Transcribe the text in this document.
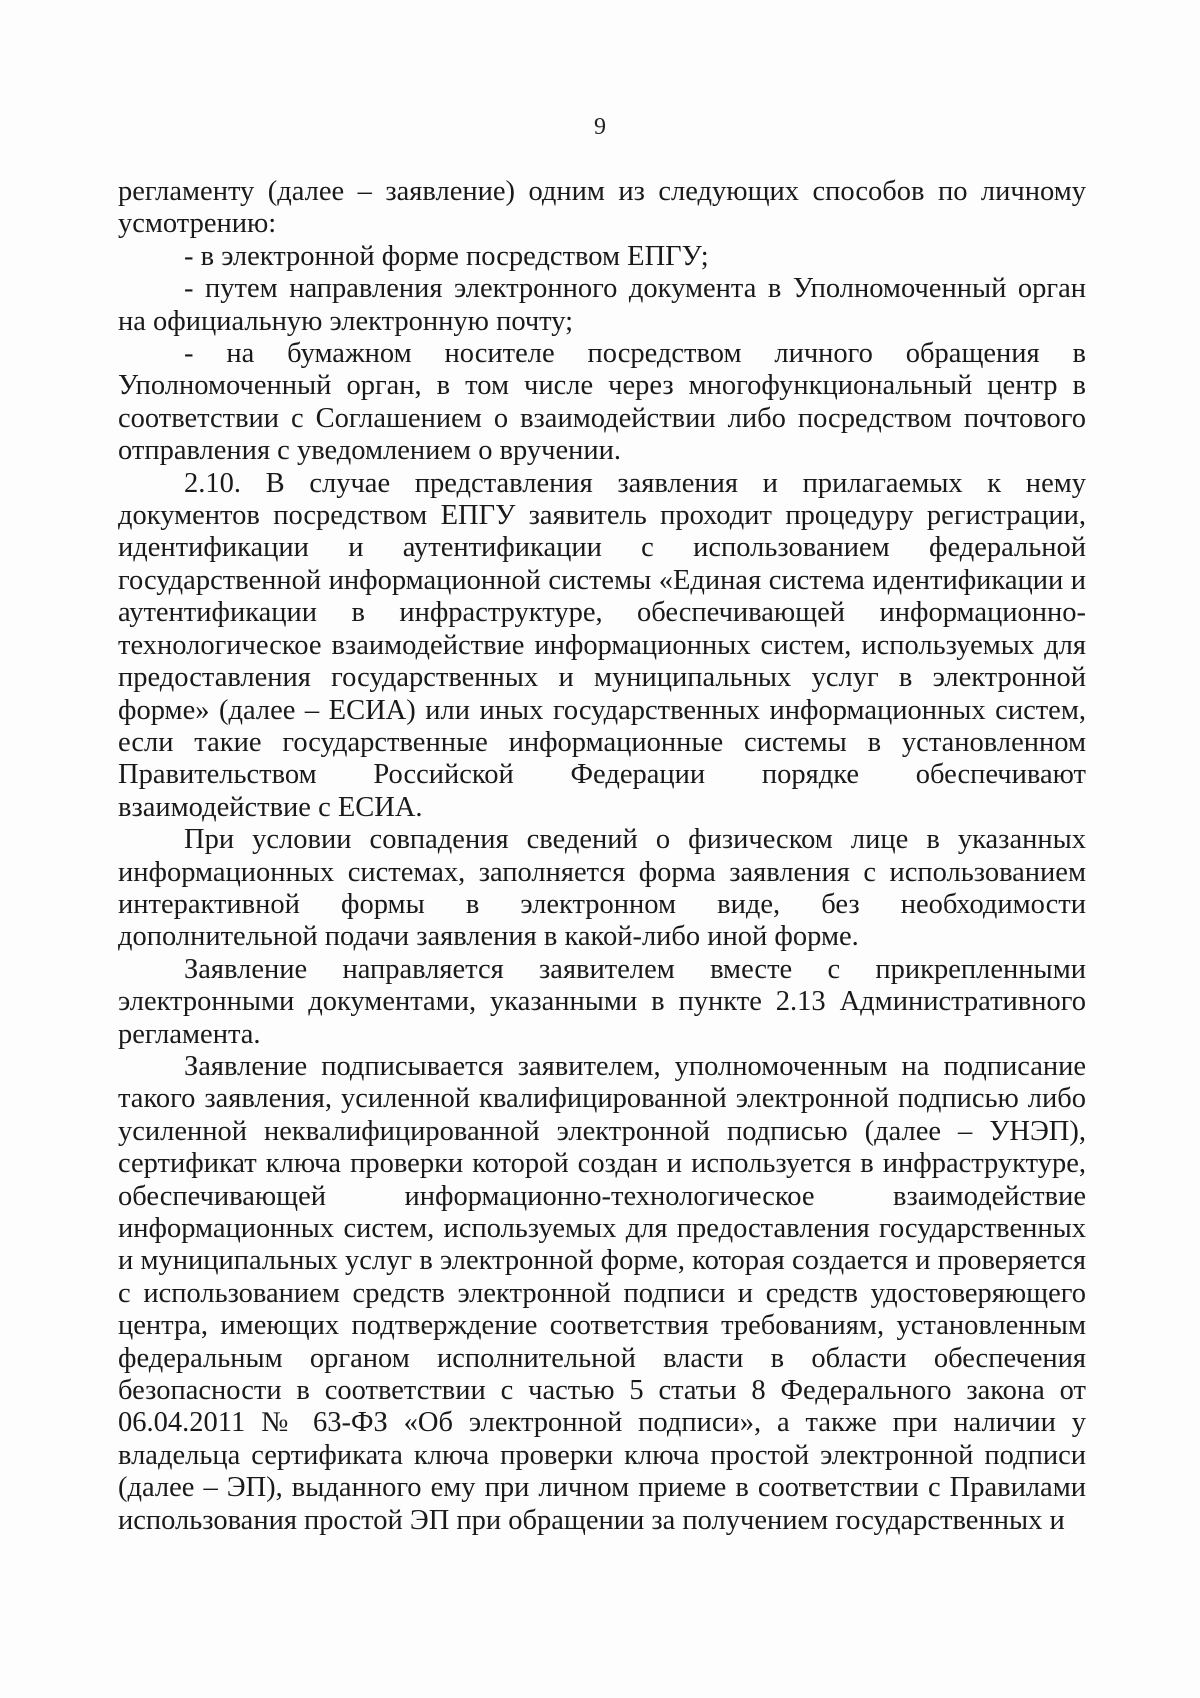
9

регламенту (далее – заявление) одним из следующих способов по личному усмотрению:

- в электронной форме посредством ЕПГУ;

- путем направления электронного документа в Уполномоченный орган на официальную электронную почту;

- на бумажном носителе посредством личного обращения в Уполномоченный орган, в том числе через многофункциональный центр в соответствии с Соглашением о взаимодействии либо посредством почтового отправления с уведомлением о вручении.

2.10. В случае представления заявления и прилагаемых к нему документов посредством ЕПГУ заявитель проходит процедуру регистрации, идентификации и аутентификации с использованием федеральной государственной информационной системы «Единая система идентификации и аутентификации в инфраструктуре, обеспечивающей информационно-технологическое взаимодействие информационных систем, используемых для предоставления государственных и муниципальных услуг в электронной форме» (далее – ЕСИА) или иных государственных информационных систем, если такие государственные информационные системы в установленном Правительством Российской Федерации порядке обеспечивают взаимодействие с ЕСИА.

При условии совпадения сведений о физическом лице в указанных информационных системах, заполняется форма заявления с использованием интерактивной формы в электронном виде, без необходимости дополнительной подачи заявления в какой-либо иной форме.

Заявление направляется заявителем вместе с прикрепленными электронными документами, указанными в пункте 2.13 Административного регламента.

Заявление подписывается заявителем, уполномоченным на подписание такого заявления, усиленной квалифицированной электронной подписью либо усиленной неквалифицированной электронной подписью (далее – УНЭП), сертификат ключа проверки которой создан и используется в инфраструктуре, обеспечивающей информационно-технологическое взаимодействие информационных систем, используемых для предоставления государственных и муниципальных услуг в электронной форме, которая создается и проверяется с использованием средств электронной подписи и средств удостоверяющего центра, имеющих подтверждение соответствия требованиям, установленным федеральным органом исполнительной власти в области обеспечения безопасности в соответствии с частью 5 статьи 8 Федерального закона от 06.04.2011 № 63-ФЗ «Об электронной подписи», а также при наличии у владельца сертификата ключа проверки ключа простой электронной подписи (далее – ЭП), выданного ему при личном приеме в соответствии с Правилами использования простой ЭП при обращении за получением государственных и
